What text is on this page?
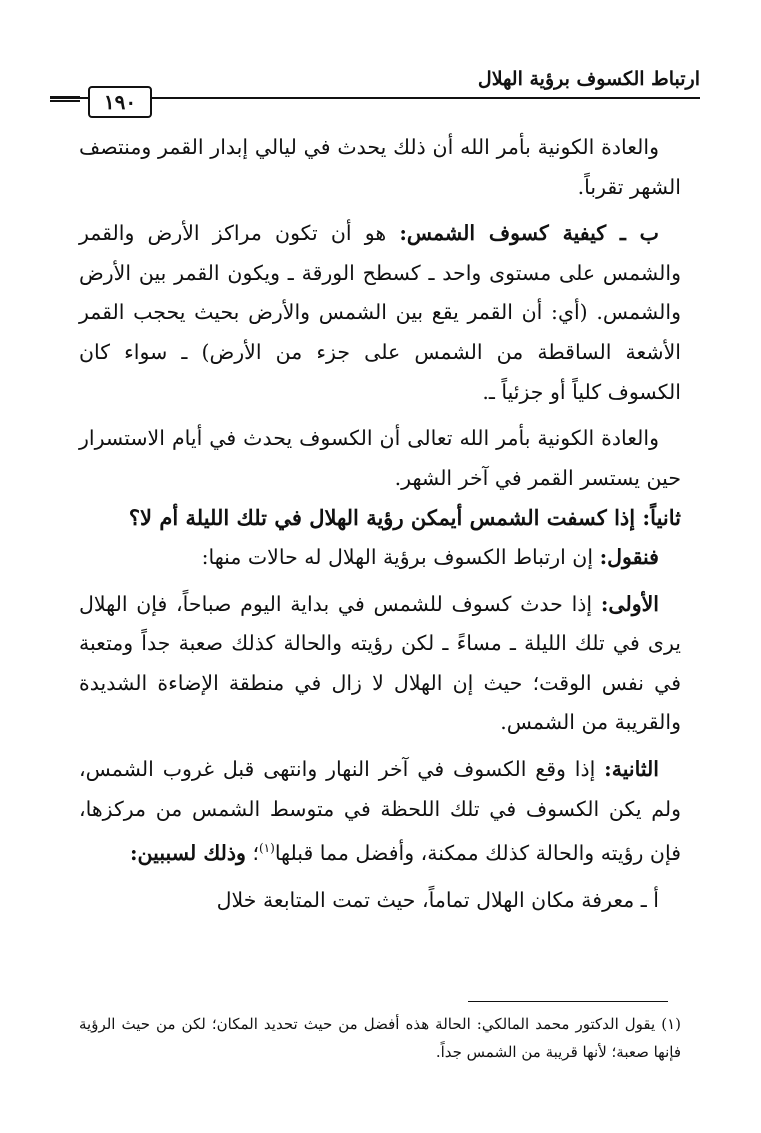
ارتباط الكسوف برؤية الهلال
١٩٠

والعادة الكونية بأمر الله أن ذلك يحدث في ليالي إبدار القمر ومنتصف الشهر تقرباً.

ب ـ كيفية كسوف الشمس: هو أن تكون مراكز الأرض والقمر والشمس على مستوى واحد ـ كسطح الورقة ـ ويكون القمر بين الأرض والشمس. (أي: أن القمر يقع بين الشمس والأرض بحيث يحجب القمر الأشعة الساقطة من الشمس على جزء من الأرض) ـ سواء كان الكسوف كلياً أو جزئياً ـ.

والعادة الكونية بأمر الله تعالى أن الكسوف يحدث في أيام الاستسرار حين يستسر القمر في آخر الشهر.

ثانياً: إذا كسفت الشمس أيمكن رؤية الهلال في تلك الليلة أم لا؟

فنقول: إن ارتباط الكسوف برؤية الهلال له حالات منها:

الأولى: إذا حدث كسوف للشمس في بداية اليوم صباحاً، فإن الهلال يرى في تلك الليلة ـ مساءً ـ لكن رؤيته والحالة كذلك صعبة جداً ومتعبة في نفس الوقت؛ حيث إن الهلال لا زال في منطقة الإضاءة الشديدة والقريبة من الشمس.

الثانية: إذا وقع الكسوف في آخر النهار وانتهى قبل غروب الشمس، ولم يكن الكسوف في تلك اللحظة في متوسط الشمس من مركزها، فإن رؤيته والحالة كذلك ممكنة، وأفضل مما قبلها$^{(١)}$؛ وذلك لسببين:

أ ـ معرفة مكان الهلال تماماً، حيث تمت المتابعة خلال

(١) يقول الدكتور محمد المالكي: الحالة هذه أفضل من حيث تحديد المكان؛ لكن من حيث الرؤية فإنها صعبة؛ لأنها قريبة من الشمس جداً.
